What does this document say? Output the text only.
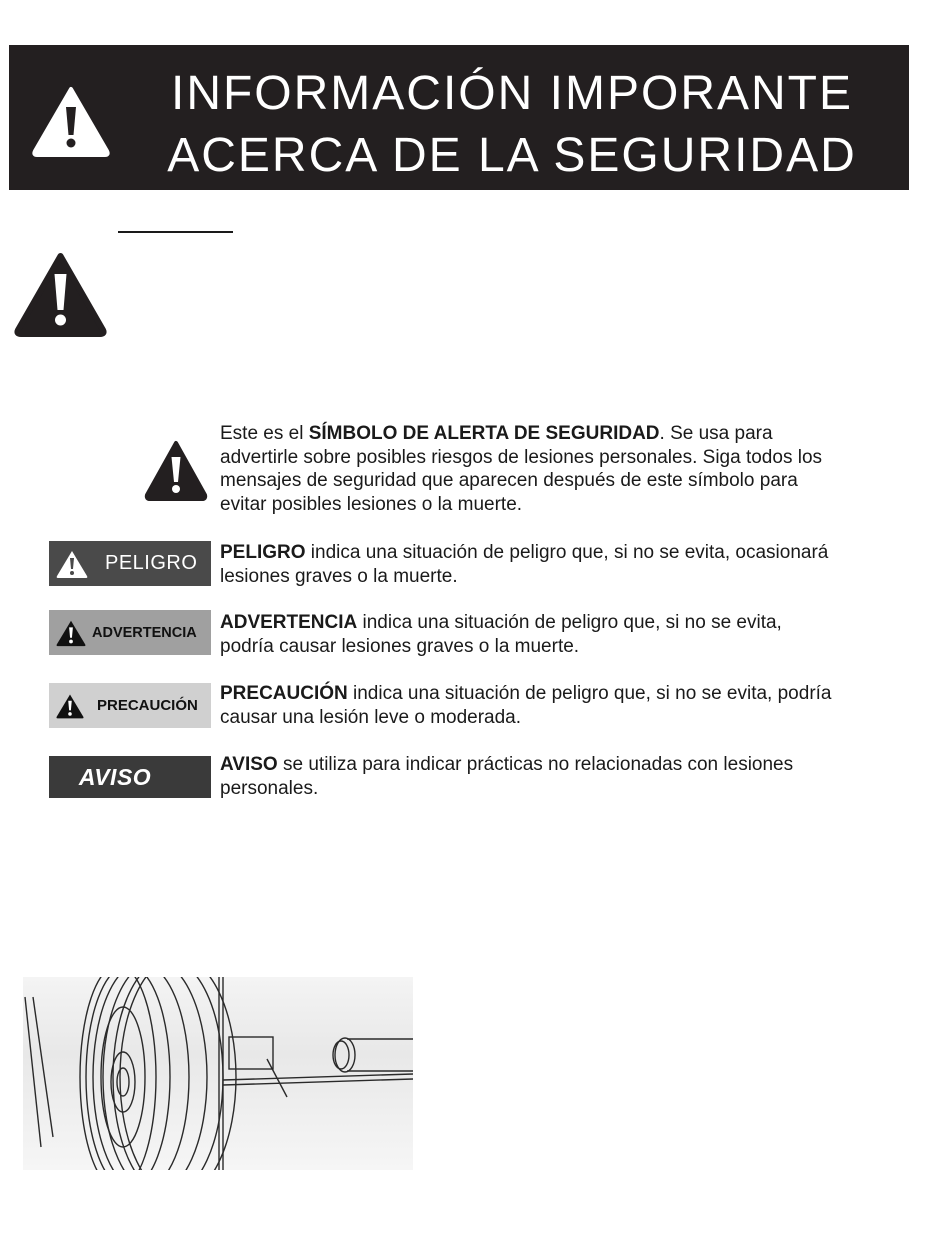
INFORMACIÓN IMPORANTE
ACERCA DE LA SEGURIDAD
Este es el SÍMBOLO DE ALERTA DE SEGURIDAD. Se usa para advertirle sobre posibles riesgos de lesiones personales. Siga todos los mensajes de seguridad que aparecen después de este símbolo para evitar posibles lesiones o la muerte.
PELIGRO PELIGRO indica una situación de peligro que, si no se evita, ocasionará lesiones graves o la muerte.
ADVERTENCIA ADVERTENCIA indica una situación de peligro que, si no se evita, podría causar lesiones graves o la muerte.
PRECAUCIÓN
PRECAUCIÓN indica una situación de peligro que, si no se evita, podría causar una lesión leve o moderada.
AVISO	AVISO se utiliza para indicar prácticas no relacionadas con lesiones personales.
